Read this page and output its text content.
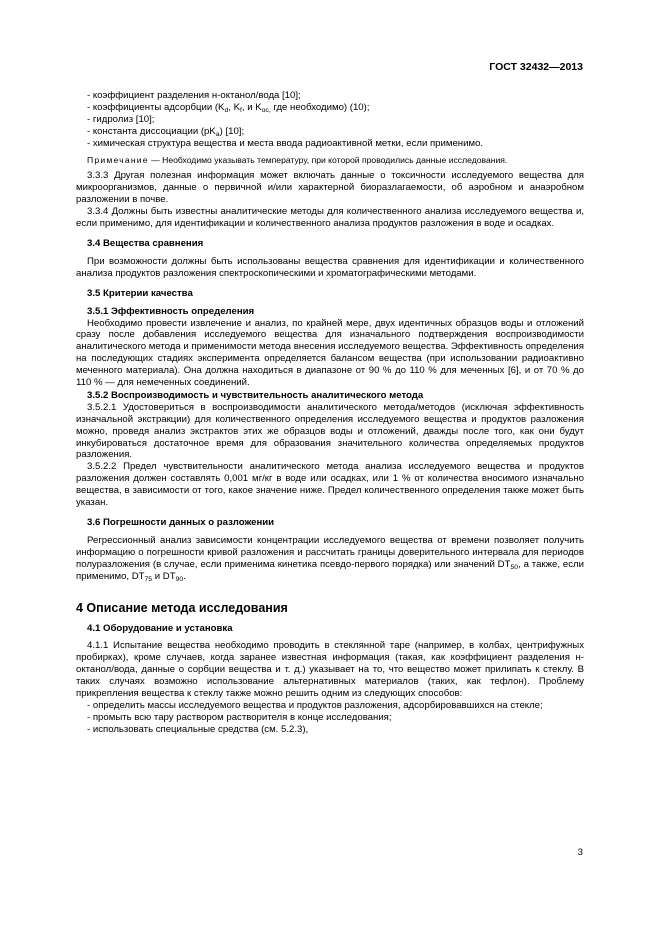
ГОСТ 32432—2013

- коэффициент разделения н-октанол/вода [10];

- коэффициенты адсорбции ($K_d$, $K_f$, и $K_{oc,}$ где необходимо) (10);

- гидролиз [10];

- константа диссоциации $(pK_a)$ [10];

- химическая структура вещества и места ввода радиоактивной метки, если применимо.

Примечание — Необходимо указывать температуру, при которой проводились данные исследования.

3.3.3 Другая полезная информация может включать данные о токсичности исследуемого вещества для микроорганизмов, данные о первичной и/или характерной биоразлагаемости, об аэробном и анаэробном разложении в почве.

3.3.4 Должны быть известны аналитические методы для количественного анализа исследуемого вещества и, если применимо, для идентификации и количественного анализа продуктов разложения в воде и осадках.

3.4 Вещества сравнения

При возможности должны быть использованы вещества сравнения для идентификации и количественного анализа продуктов разложения спектроскопическими и хроматографическими методами.

3.5 Критерии качества

3.5.1 Эффективность определения

Необходимо провести извлечение и анализ, по крайней мере, двух идентичных образцов воды и отложений сразу после добавления исследуемого вещества для изначального подтверждения воспроизводимости аналитического метода и применимости метода внесения исследуемого вещества. Эффективность определения на последующих стадиях эксперимента определяется балансом вещества (при использовании радиоактивно меченного материала). Она должна находиться в диапазоне от 90 % до 110 % для меченных [6], и от 70 % до 110 % — для немеченных соединений.

3.5.2 Воспроизводимость и чувствительность аналитического метода

3.5.2.1 Удостовериться в воспроизводимости аналитического метода/методов (исключая эффективность изначальной экстракции) для количественного определения исследуемого вещества и продуктов разложения можно, проведя анализ экстрактов этих же образцов воды и отложений, дважды после того, как они будут инкубироваться достаточное время для образования значительного количества определяемых продуктов разложения.

3.5.2.2 Предел чувствительности аналитического метода анализа исследуемого вещества и продуктов разложения должен составлять 0,001 мг/кг в воде или осадках, или 1 % от количества вносимого изначально вещества, в зависимости от того, какое значение ниже. Предел количественного определения также может быть указан.

3.6 Погрешности данных о разложении

Регрессионный анализ зависимости концентрации исследуемого вещества от времени позволяет получить информацию о погрешности кривой разложения и рассчитать границы доверительного интервала для периодов полуразложения (в случае, если применима кинетика псевдо-первого порядка) или значений $DT_{50}$, а также, если применимо, $DT_{75}$ и $DT_{90}$.

4 Описание метода исследования

4.1 Оборудование и установка

4.1.1 Испытание вещества необходимо проводить в стеклянной таре (например, в колбах, центрифужных пробирках), кроме случаев, когда заранее известная информация (такая, как коэффициент разделения н-октанол/вода, данные о сорбции вещества и т. д.) указывает на то, что вещество может прилипать к стеклу. В таких случаях возможно использование альтернативных материалов (таких, как тефлон). Проблему прикрепления вещества к стеклу также можно решить одним из следующих способов:

- определить массы исследуемого вещества и продуктов разложения, адсорбировавшихся на стекле;

- промыть всю тару раствором растворителя в конце исследования;

- использовать специальные средства (см. 5.2.3),

3
